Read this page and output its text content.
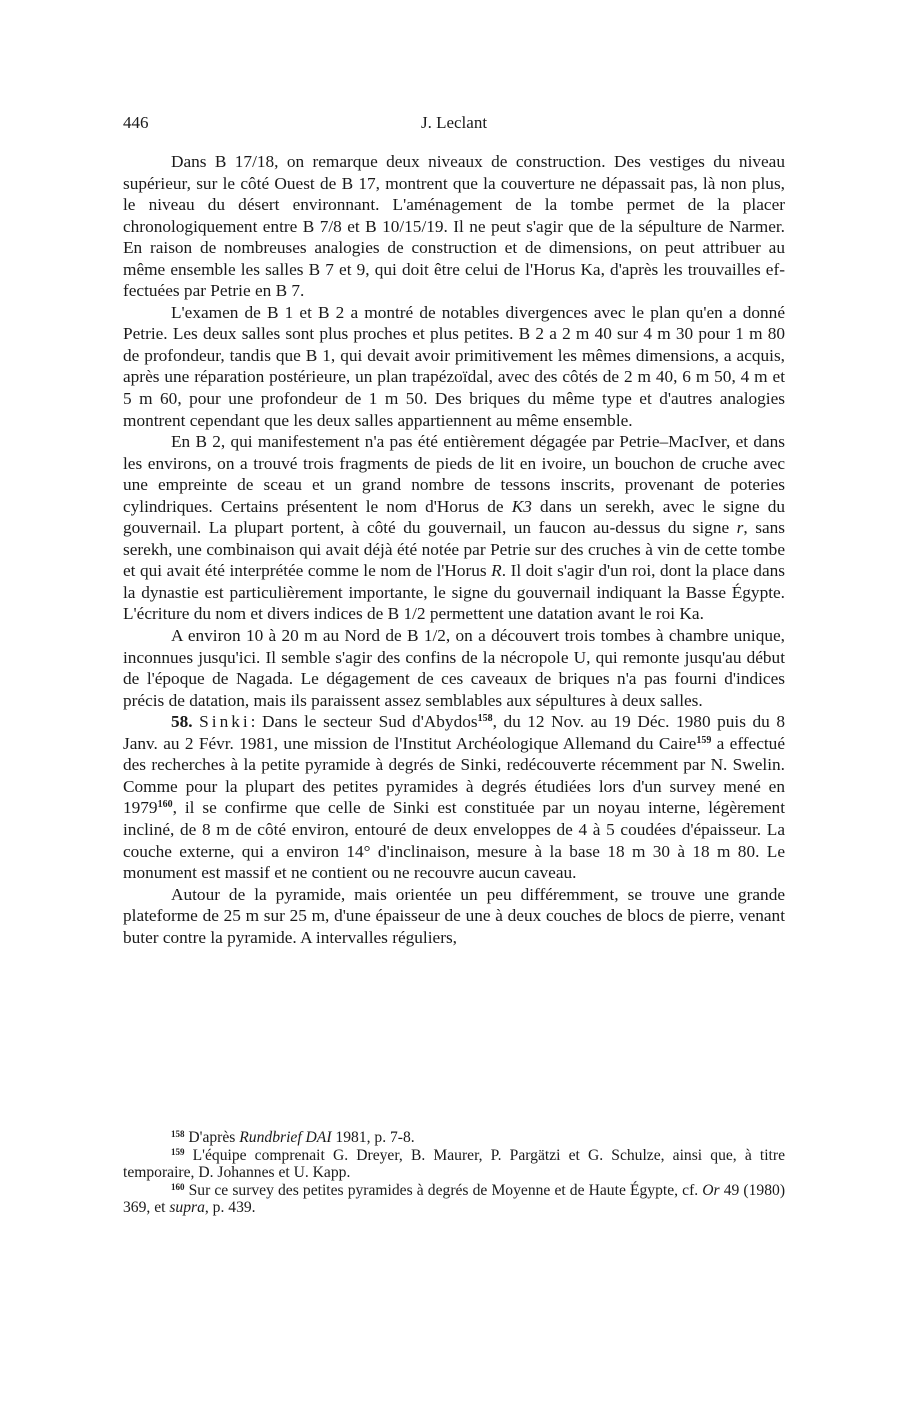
446	J. Leclant

Dans B 17/18, on remarque deux niveaux de construction. Des vestiges du niveau supérieur, sur le côté Ouest de B 17, montrent que la couverture ne dépassait pas, là non plus, le niveau du désert environnant. L'aménagement de la tombe permet de la placer chronologiquement entre B 7/8 et B 10/15/19. Il ne peut s'agir que de la sépulture de Narmer. En raison de nombreuses analogies de construction et de dimensions, on peut attribuer au même ensemble les salles B 7 et 9, qui doit être celui de l'Horus Ka, d'après les trouvailles effectuées par Petrie en B 7.

L'examen de B 1 et B 2 a montré de notables divergences avec le plan qu'en a donné Petrie. Les deux salles sont plus proches et plus petites. B 2 a 2 m 40 sur 4 m 30 pour 1 m 80 de profondeur, tandis que B 1, qui devait avoir primitivement les mêmes dimensions, a acquis, après une réparation postérieure, un plan trapézoïdal, avec des côtés de 2 m 40, 6 m 50, 4 m et 5 m 60, pour une profondeur de 1 m 50. Des briques du même type et d'autres analogies montrent cependant que les deux salles appartiennent au même ensemble.

En B 2, qui manifestement n'a pas été entièrement dégagée par Petrie–MacIver, et dans les environs, on a trouvé trois fragments de pieds de lit en ivoire, un bouchon de cruche avec une empreinte de sceau et un grand nombre de tessons inscrits, provenant de poteries cylindriques. Certains présentent le nom d'Horus de K3 dans un serekh, avec le signe du gouvernail. La plupart portent, à côté du gouvernail, un faucon au-dessus du signe r, sans serekh, une combinaison qui avait déjà été notée par Petrie sur des cruches à vin de cette tombe et qui avait été interprétée comme le nom de l'Horus R. Il doit s'agir d'un roi, dont la place dans la dynastie est particulièrement importante, le signe du gouvernail indiquant la Basse Égypte. L'écriture du nom et divers indices de B 1/2 permettent une datation avant le roi Ka.

A environ 10 à 20 m au Nord de B 1/2, on a découvert trois tombes à chambre unique, inconnues jusqu'ici. Il semble s'agir des confins de la nécropole U, qui remonte jusqu'au début de l'époque de Nagada. Le dégagement de ces caveaux de briques n'a pas fourni d'indices précis de datation, mais ils paraissent assez semblables aux sépultures à deux salles.

58. Sinki: Dans le secteur Sud d'Abydos$^{158}$, du 12 Nov. au 19 Déc. 1980 puis du 8 Janv. au 2 Févr. 1981, une mission de l'Institut Archéologique Allemand du Caire$^{159}$ a effectué des recherches à la petite pyramide à degrés de Sinki, redécouverte récemment par N. Swelin. Comme pour la plupart des petites pyramides à degrés étudiées lors d'un survey mené en 1979$^{160}$, il se confirme que celle de Sinki est constituée par un noyau interne, légèrement incliné, de 8 m de côté environ, entouré de deux enveloppes de 4 à 5 coudées d'épaisseur. La couche externe, qui a environ 14° d'inclinaison, mesure à la base 18 m 30 à 18 m 80. Le monument est massif et ne contient ou ne recouvre aucun caveau.

Autour de la pyramide, mais orientée un peu différemment, se trouve une grande plateforme de 25 m sur 25 m, d'une épaisseur de une à deux couches de blocs de pierre, venant buter contre la pyramide. A intervalles réguliers,

$^{158}$ D'après Rundbrief DAI 1981, p. 7-8.

$^{159}$ L'équipe comprenait G. Dreyer, B. Maurer, P. Pargätzi et G. Schulze, ainsi que, à titre temporaire, D. Johannes et U. Kapp.

$^{160}$ Sur ce survey des petites pyramides à degrés de Moyenne et de Haute Égypte, cf. Or 49 (1980) 369, et supra, p. 439.
